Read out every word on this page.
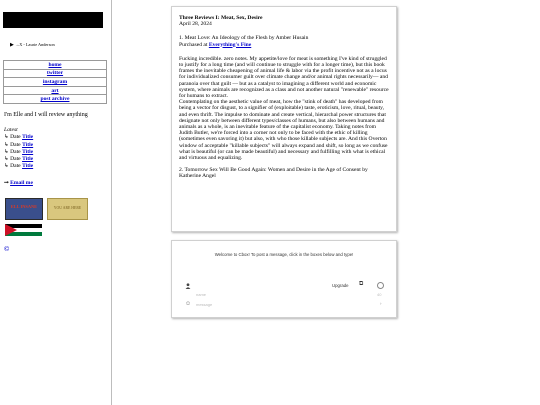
▶ →X - Laurie Anderson
home
twitter
instagram
art
post archive
I'm Elle and I will review anything
Latest
↳ Date Title
↳ Date Title
↳ Date Title
↳ Date Title
↳ Date Title
⊸ Email me
ELL INSANE	YOU ARE HERE
©

Three Reviews I: Meat, Sex, Desire

April 28, 2024

1. Meat Love: An Ideology of the Flesh by Amber Husain

Purchased at Everything's Fine

Fucking incredible. zero notes. My appetite/love for meat is something I've kind of struggled to justify for a long time (and will continue to struggle with for a longer time), but this book frames the inevitable cheapening of animal life & labor via the profit incentive not as a locus for individualized consumer guilt over climate change and/or animal rights necessarily— and paranoia over that guilt — but as a catalyst to imagining a different world and economic system, where animals are recognized as a class and not another natural "renewable" resource for humans to extract.

Contemplating on the aesthetic value of meat, how the "stink of death" has developed from being a vector for disgust, to a signifier of (exploitable) taste, eroticism, love, ritual, beauty, and even thrift. The impulse to dominate and create vertical, hierarchal power structures that designate not only between different types/classes of humans, but also between humans and animals as a whole, is an inevitable feature of the capitalist economy. Taking notes from Judith Butler, we're forced into a corner not only to be faced with the ethic of killing (sometimes even savoring it) but also, with who those killable subjects are. And this Overton window of acceptable "killable subjects" will always expand and shift, so long as we confuse what is beautiful (or can be made beautiful) and necessary and fulfilling with what is ethical and virtuous and equalizing.

2. Tomorrow Sex Will Be Good Again: Women and Desire in the Age of Consent by Katherine Angel

Welcome to Cbox! To post a message, click in the boxes below and type!
Upgrade ⧉
name	40
☺ message	›
